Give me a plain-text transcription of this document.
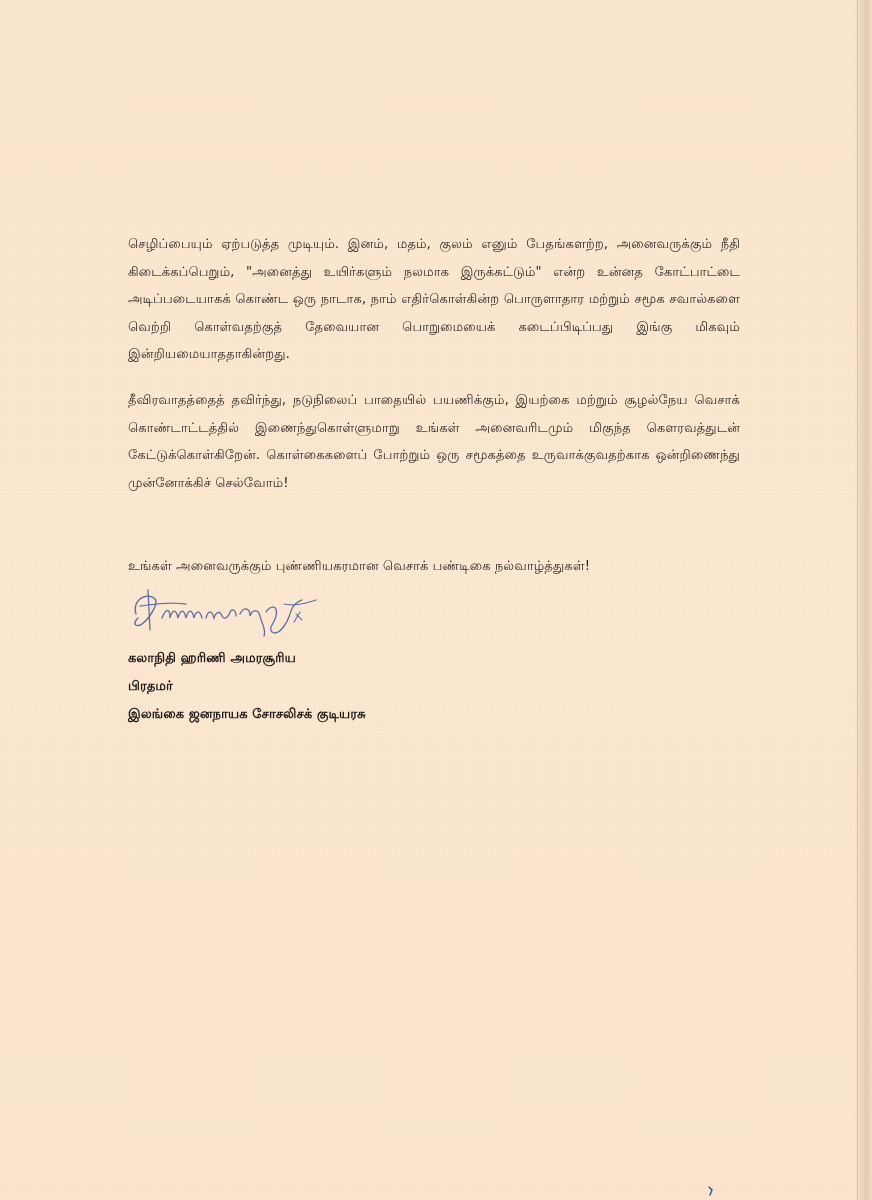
செழிப்பையும் ஏற்படுத்த முடியும். இனம், மதம், குலம் எனும் பேதங்களற்ற, அனைவருக்கும் நீதி கிடைக்கப்பெறும், "அனைத்து உயிர்களும் நலமாக இருக்கட்டும்" என்ற உன்னத கோட்பாட்டை அடிப்படையாகக் கொண்ட ஒரு நாடாக, நாம் எதிர்கொள்கின்ற பொருளாதார மற்றும் சமூக சவால்களை வெற்றி கொள்வதற்குத் தேவையான பொறுமையைக் கடைப்பிடிப்பது இங்கு மிகவும் இன்றியமையாததாகின்றது.

தீவிரவாதத்தைத் தவிர்ந்து, நடுநிலைப் பாதையில் பயணிக்கும், இயற்கை மற்றும் சூழல்நேய வெசாக் கொண்டாட்டத்தில் இணைந்துகொள்ளுமாறு உங்கள் அனைவரிடமும் மிகுந்த கௌரவத்துடன் கேட்டுக்கொள்கிறேன். கொள்கைகளைப் போற்றும் ஒரு சமூகத்தை உருவாக்குவதற்காக ஒன்றிணைந்து முன்னோக்கிச் செல்வோம்!

உங்கள் அனைவருக்கும் புண்ணியகரமான வெசாக் பண்டிகை நல்வாழ்த்துகள்!
கலாநிதி ஹரிணி அமரசூரிய
பிரதமர்
இலங்கை ஜனநாயக சோசலிசக் குடியரசு
